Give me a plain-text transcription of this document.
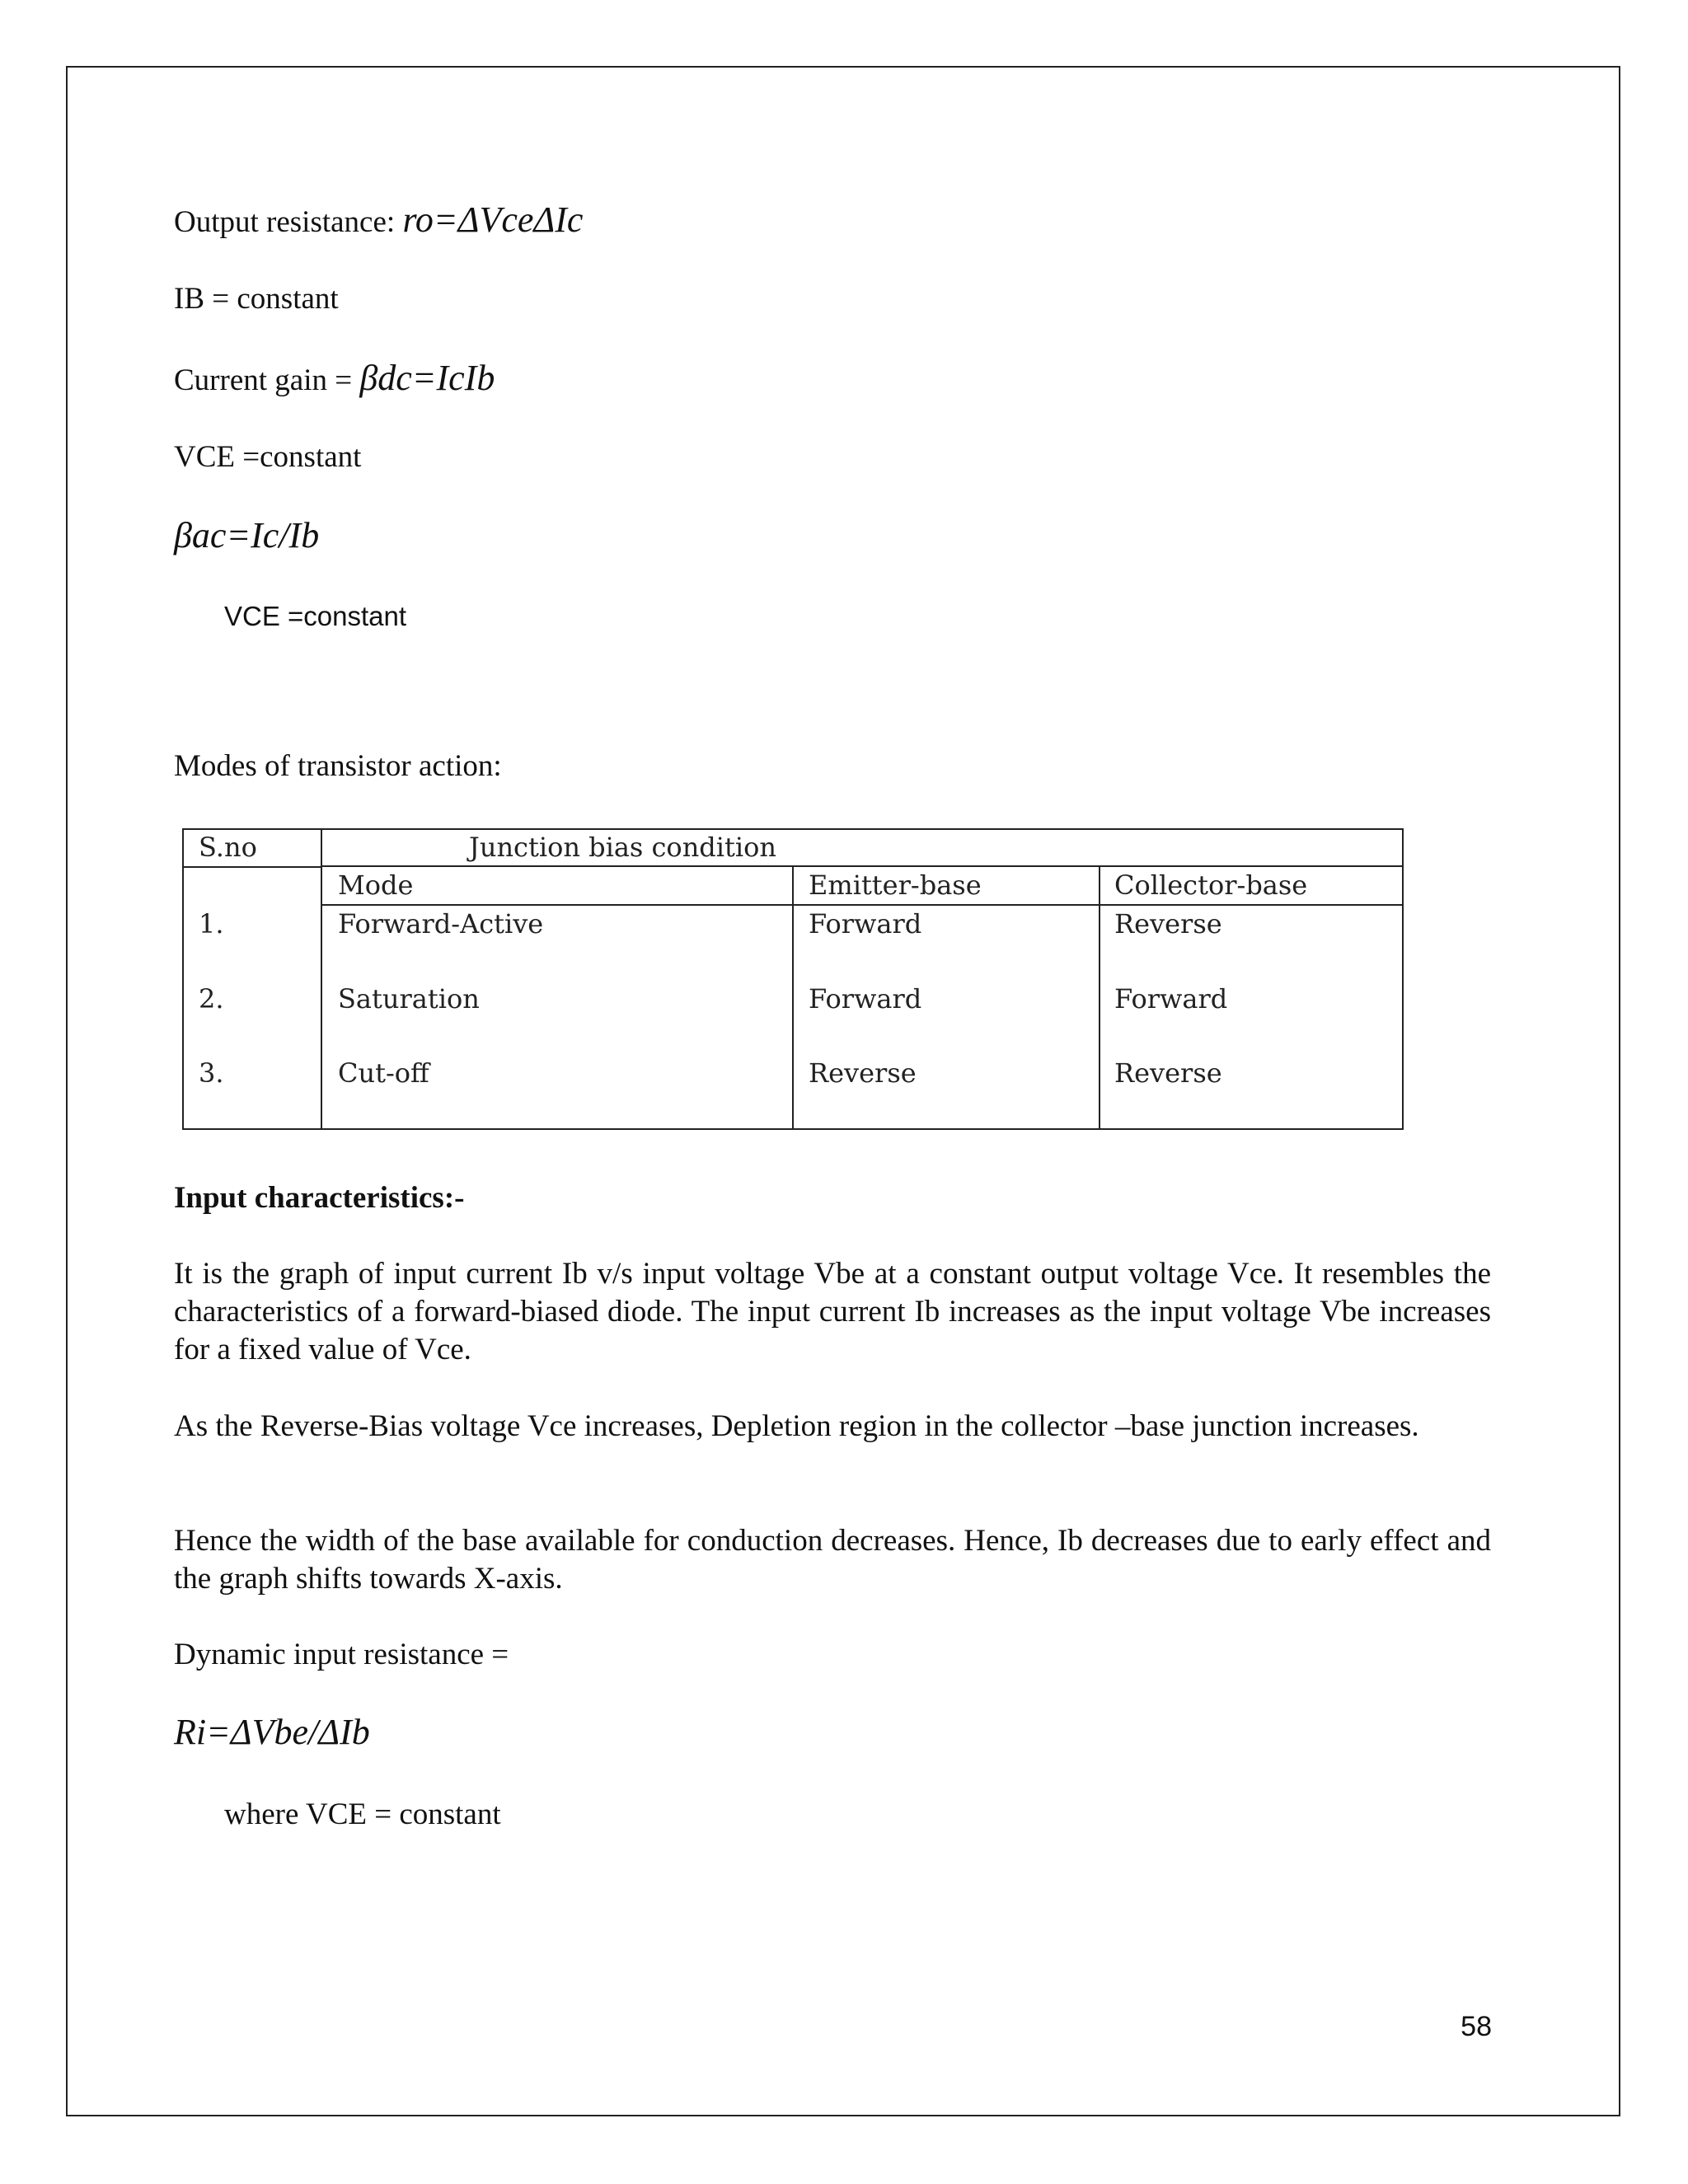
Output resistance: ro=ΔVceΔIc
IB = constant
Current gain = βdc=IcIb
VCE =constant
βac=Ic/Ib
VCE =constant
Modes of transistor action:
S.no	Junction bias condition
Mode	Emitter-base	Collector-base
1.	Forward-Active	Forward	Reverse
2.	Saturation	Forward	Forward
3.	Cut-off	Reverse	Reverse
Input characteristics:-
It is the graph of input current Ib v/s input voltage Vbe at a constant output voltage Vce. It resembles the characteristics of a forward-biased diode. The input current Ib increases as the input voltage Vbe increases for a fixed value of Vce.
As the Reverse-Bias voltage Vce increases, Depletion region in the collector –base junction increases.
Hence the width of the base available for conduction decreases. Hence, Ib decreases due to early effect and the graph shifts towards X-axis.
Dynamic input resistance =
Ri=ΔVbe/ΔIb
where VCE = constant
58
